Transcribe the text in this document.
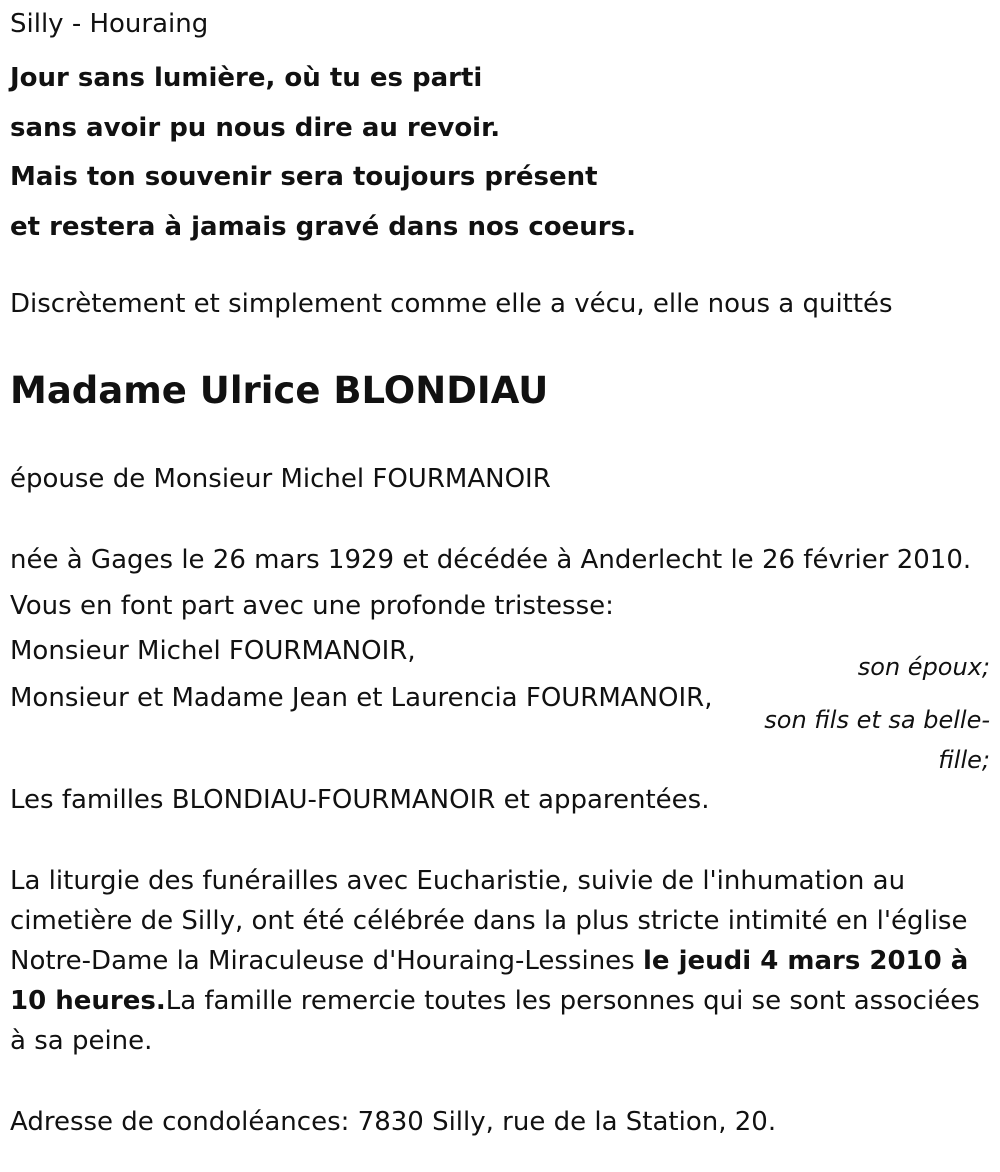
Silly - Houraing

Jour sans lumière, où tu es parti

sans avoir pu nous dire au revoir.

Mais ton souvenir sera toujours présent

et restera à jamais gravé dans nos coeurs.

Discrètement et simplement comme elle a vécu, elle nous a quittés

Madame Ulrice BLONDIAU

épouse de Monsieur Michel FOURMANOIR

née à Gages le 26 mars 1929 et décédée à Anderlecht le 26 février 2010.

Vous en font part avec une profonde tristesse:

Monsieur Michel FOURMANOIR,
son époux;
Monsieur et Madame Jean et Laurencia FOURMANOIR,
son fils et sa belle-fille;

Les familles BLONDIAU-FOURMANOIR et apparentées.

La liturgie des funérailles avec Eucharistie, suivie de l'inhumation au cimetière de Silly, ont été célébrée dans la plus stricte intimité en l'église Notre-Dame la Miraculeuse d'Houraing-Lessines le jeudi 4 mars 2010 à 10 heures.La famille remercie toutes les personnes qui se sont associées à sa peine.

Adresse de condoléances: 7830 Silly, rue de la Station, 20.
